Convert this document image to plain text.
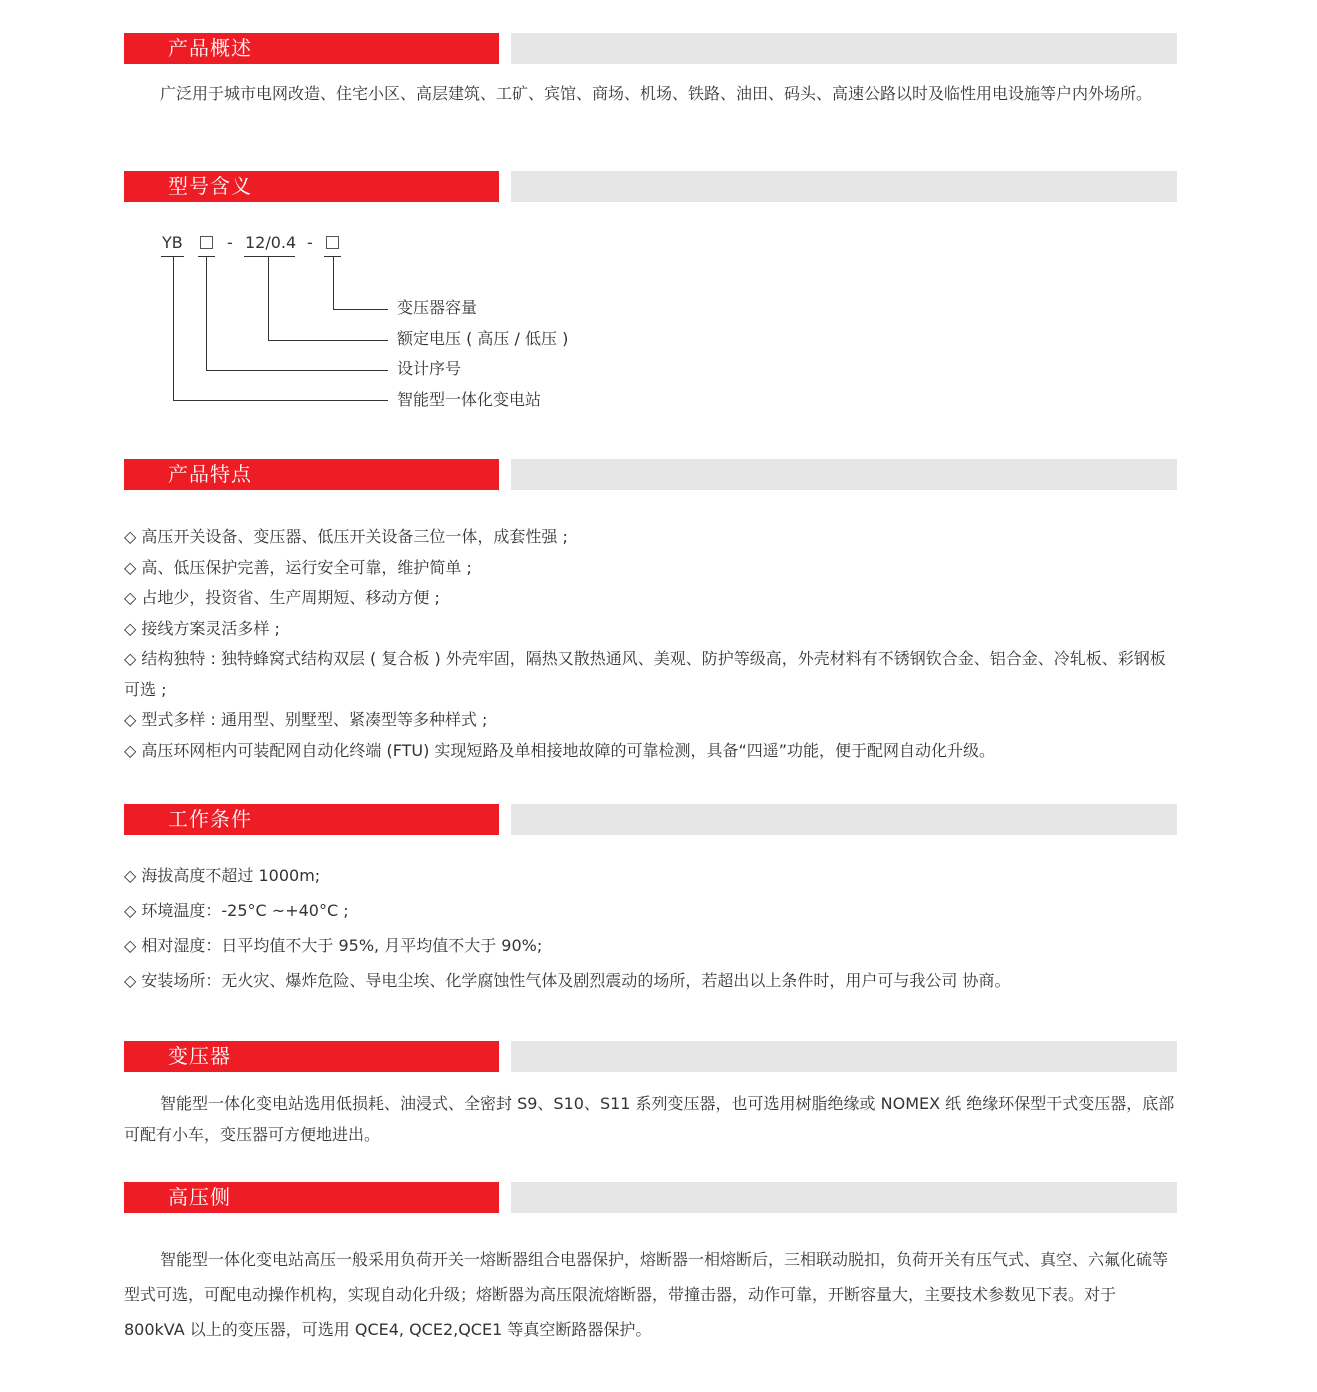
产品概述

广泛用于城市电网改造、住宅小区、高层建筑、工矿、宾馆、商场、机场、铁路、油田、码头、高速公路以时及临性用电设施等户内外场所。

型号含义
YB	- 12/0.4 -
变压器容量
额定电压 ( 高压 / 低压 )
设计序号
智能型一体化变电站
产品特点
◇ 高压开关设备、变压器、低压开关设备三位一体，成套性强 ;
◇ 高、低压保护完善，运行安全可靠，维护简单 ;
◇ 占地少，投资省、生产周期短、移动方便 ;
◇ 接线方案灵活多样 ;
◇ 结构独特 : 独特蜂窝式结构双层 ( 复合板 ) 外壳牢固，隔热又散热通风、美观、防护等级高，外壳材料有不锈钢钦合金、铝合金、冷轧板、彩钢板可选 ;
◇ 型式多样 : 通用型、别墅型、紧凑型等多种样式 ;
◇ 高压环网柜内可装配网自动化终端 (FTU) 实现短路及单相接地故障的可靠检测，具备“四遥”功能，便于配网自动化升级。
工作条件
◇ 海拔高度不超过 1000m;
◇ 环境温度：-25°C ~+40°C ;
◇ 相对湿度：日平均值不大于 95%, 月平均值不大于 90%;
◇ 安装场所：无火灾、爆炸危险、导电尘埃、化学腐蚀性气体及剧烈震动的场所，若超出以上条件时，用户可与我公司 协商。
变压器

智能型一体化变电站选用低损耗、油浸式、全密封 S9、S10、S11 系列变压器，也可选用树脂绝缘或 NOMEX 纸 绝缘环保型干式变压器，底部可配有小车，变压器可方便地进出。

高压侧

智能型一体化变电站高压一般采用负荷开关一熔断器组合电器保护，熔断器一相熔断后，三相联动脱扣，负荷开关有压气式、真空、六氟化硫等型式可选，可配电动操作机构，实现自动化升级；熔断器为高压限流熔断器，带撞击器，动作可靠，开断容量大，主要技术参数见下表。对于 800kVA 以上的变压器，可选用 QCE4, QCE2,QCE1 等真空断路器保护。
